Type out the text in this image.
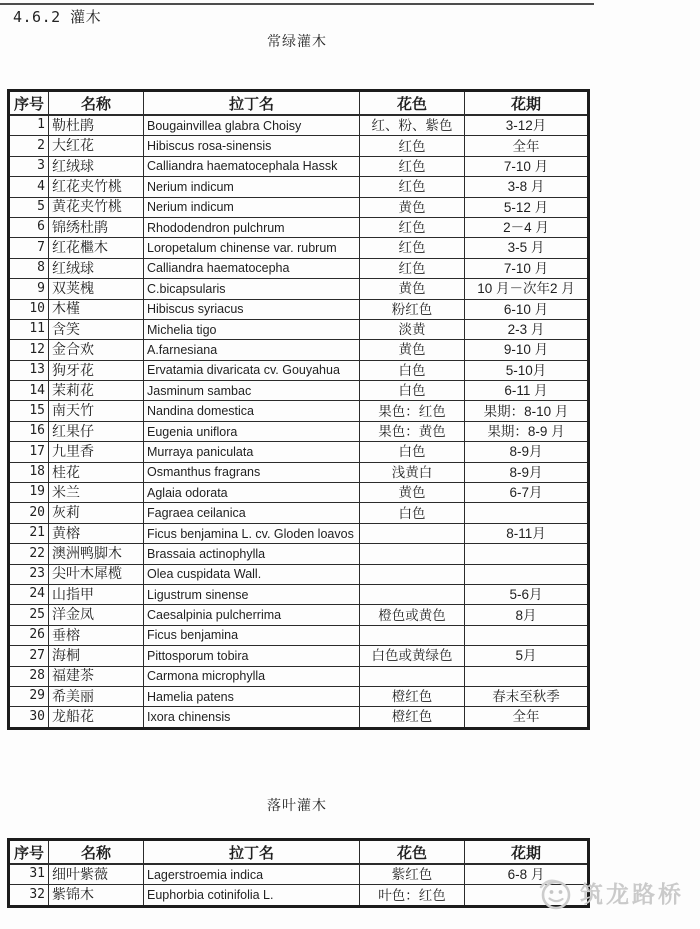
4.6.2 灌木
常绿灌木
序号	名称	拉丁名	花色	花期
1	勒杜鹃	Bougainvillea glabra Choisy	红、粉、紫色	3-12月
2	大红花	Hibiscus rosa-sinensis	红色	全年
3	红绒球	Calliandra haematocephala Hassk	红色	7-10 月
4	红花夹竹桃	Nerium indicum	红色	3-8 月
5	黄花夹竹桃	Nerium indicum	黄色	5-12 月
6	锦绣杜鹃	Rhododendron pulchrum	红色	2－4 月
7	红花檵木	Loropetalum chinense var. rubrum	红色	3-5 月
8	红绒球	Calliandra haematocepha	红色	7-10 月
9	双荚槐	C.bicapsularis	黄色	10 月－次年2 月
10	木槿	Hibiscus syriacus	粉红色	6-10 月
11	含笑	Michelia tigo	淡黄	2-3 月
12	金合欢	A.farnesiana	黄色	9-10 月
13	狗牙花	Ervatamia divaricata cv. Gouyahua	白色	5-10月
14	茉莉花	Jasminum sambac	白色	6-11 月
15	南天竹	Nandina domestica	果色：红色	果期：8-10 月
16	红果仔	Eugenia uniflora	果色：黄色	果期：8-9 月
17	九里香	Murraya paniculata	白色	8-9月
18	桂花	Osmanthus fragrans	浅黄白	8-9月
19	米兰	Aglaia odorata	黄色	6-7月
20	灰莉	Fagraea ceilanica	白色	
21	黄榕	Ficus benjamina L. cv. Gloden loavos		8-11月
22	澳洲鸭脚木	Brassaia actinophylla		
23	尖叶木犀榄	Olea cuspidata Wall.		
24	山指甲	Ligustrum sinense		5-6月
25	洋金凤	Caesalpinia pulcherrima	橙色或黄色	8月
26	垂榕	Ficus benjamina		
27	海桐	Pittosporum tobira	白色或黄绿色	5月
28	福建茶	Carmona microphylla		
29	希美丽	Hamelia patens	橙红色	春末至秋季
30	龙船花	Ixora chinensis	橙红色	全年
落叶灌木
序号	名称	拉丁名	花色	花期
31	细叶紫薇	Lagerstroemia indica	紫红色	6-8 月
32	紫锦木	Euphorbia cotinifolia L.	叶色：红色		筑龙路桥
